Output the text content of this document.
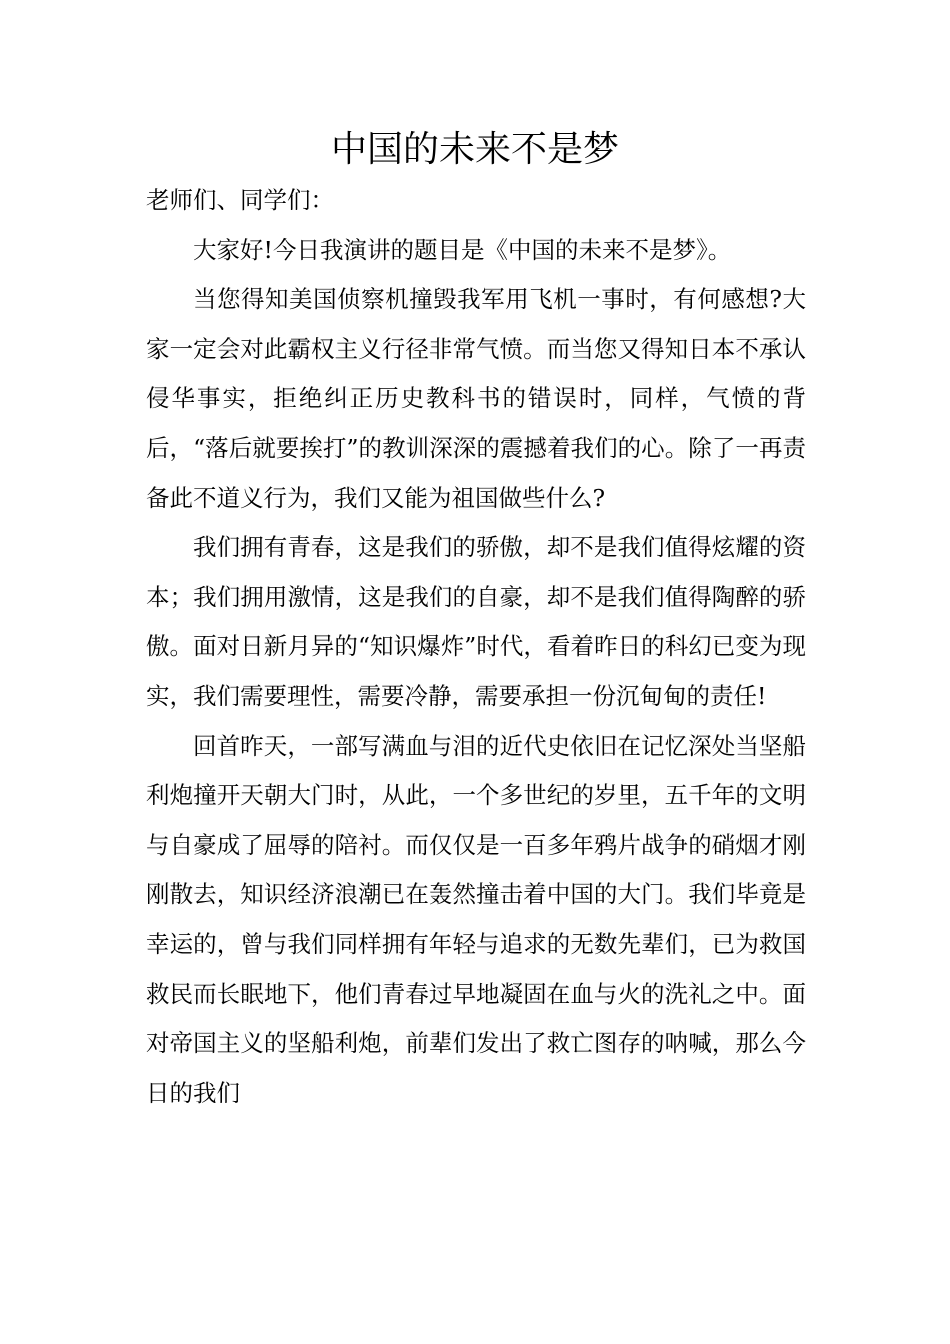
中国的未来不是梦

老师们、同学们：

大家好!今日我演讲的题目是《中国的未来不是梦》。

当您得知美国侦察机撞毁我军用飞机一事时，有何感想?大家一定会对此霸权主义行径非常气愤。而当您又得知日本不承认侵华事实，拒绝纠正历史教科书的错误时，同样，气愤的背后，“落后就要挨打”的教训深深的震撼着我们的心。除了一再责备此不道义行为，我们又能为祖国做些什么?

我们拥有青春，这是我们的骄傲，却不是我们值得炫耀的资本；我们拥用激情，这是我们的自豪，却不是我们值得陶醉的骄傲。面对日新月异的“知识爆炸”时代，看着昨日的科幻已变为现实，我们需要理性，需要冷静，需要承担一份沉甸甸的责任!

回首昨天，一部写满血与泪的近代史依旧在记忆深处当坚船利炮撞开天朝大门时，从此，一个多世纪的岁里，五千年的文明与自豪成了屈辱的陪衬。而仅仅是一百多年鸦片战争的硝烟才刚刚散去，知识经济浪潮已在轰然撞击着中国的大门。我们毕竟是幸运的，曾与我们同样拥有年轻与追求的无数先辈们，已为救国救民而长眠地下，他们青春过早地凝固在血与火的洗礼之中。面对帝国主义的坚船利炮，前辈们发出了救亡图存的呐喊，那么今日的我们
